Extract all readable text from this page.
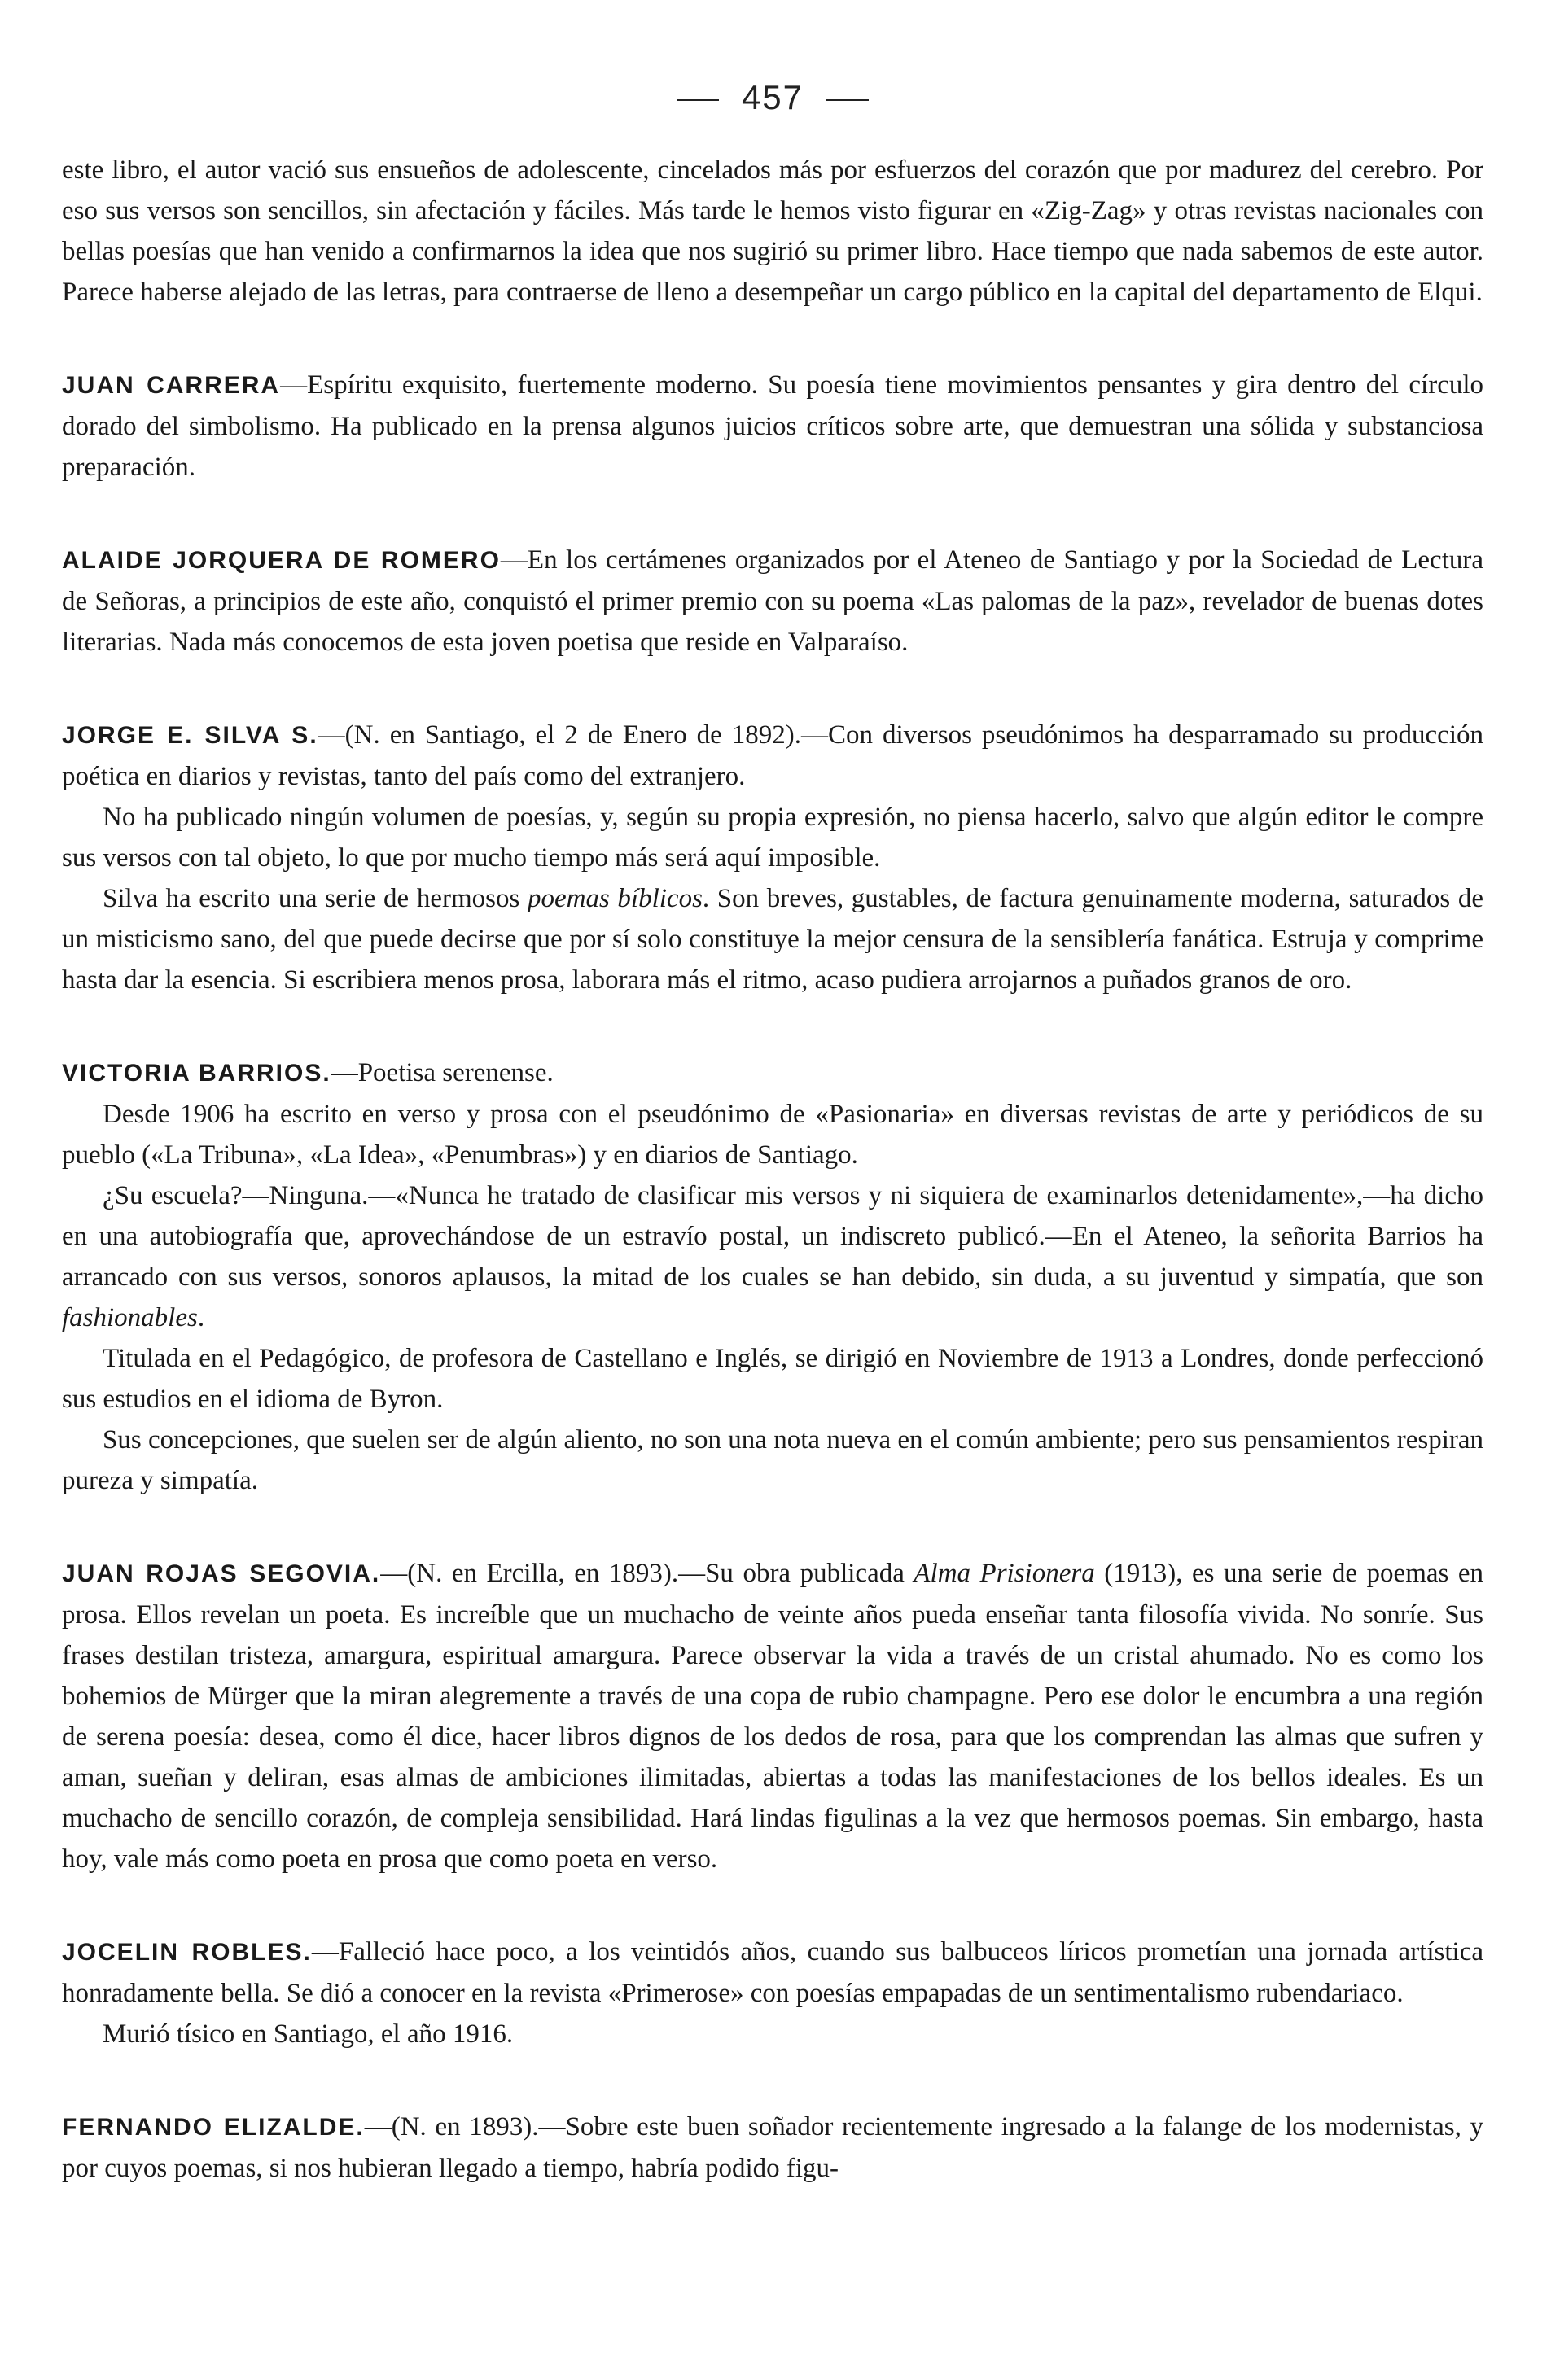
457

este libro, el autor vació sus ensueños de adolescente, cincelados más por esfuerzos del corazón que por madurez del cerebro. Por eso sus versos son sencillos, sin afectación y fáciles. Más tarde le hemos visto figurar en «Zig-Zag» y otras revistas nacionales con bellas poesías que han venido a confirmarnos la idea que nos sugirió su primer libro. Hace tiempo que nada sabemos de este autor. Parece haberse alejado de las letras, para contraerse de lleno a desempeñar un cargo público en la capital del departamento de Elqui.

JUAN CARRERA—Espíritu exquisito, fuertemente moderno. Su poesía tiene movimientos pensantes y gira dentro del círculo dorado del simbolismo. Ha publicado en la prensa algunos juicios críticos sobre arte, que demuestran una sólida y substanciosa preparación.

ALAIDE JORQUERA DE ROMERO—En los certámenes organizados por el Ateneo de Santiago y por la Sociedad de Lectura de Señoras, a principios de este año, conquistó el primer premio con su poema «Las palomas de la paz», revelador de buenas dotes literarias. Nada más conocemos de esta joven poetisa que reside en Valparaíso.

JORGE E. SILVA S.—(N. en Santiago, el 2 de Enero de 1892).—Con diversos pseudónimos ha desparramado su producción poética en diarios y revistas, tanto del país como del extranjero.

No ha publicado ningún volumen de poesías, y, según su propia expresión, no piensa hacerlo, salvo que algún editor le compre sus versos con tal objeto, lo que por mucho tiempo más será aquí imposible.

Silva ha escrito una serie de hermosos poemas bíblicos. Son breves, gustables, de factura genuinamente moderna, saturados de un misticismo sano, del que puede decirse que por sí solo constituye la mejor censura de la sensiblería fanática. Estruja y comprime hasta dar la esencia. Si escribiera menos prosa, laborara más el ritmo, acaso pudiera arrojarnos a puñados granos de oro.

VICTORIA BARRIOS.—Poetisa serenense.

Desde 1906 ha escrito en verso y prosa con el pseudónimo de «Pasionaria» en diversas revistas de arte y periódicos de su pueblo («La Tribuna», «La Idea», «Penumbras») y en diarios de Santiago.

¿Su escuela?—Ninguna.—«Nunca he tratado de clasificar mis versos y ni siquiera de examinarlos detenidamente»,—ha dicho en una autobiografía que, aprovechándose de un estravío postal, un indiscreto publicó.—En el Ateneo, la señorita Barrios ha arrancado con sus versos, sonoros aplausos, la mitad de los cuales se han debido, sin duda, a su juventud y simpatía, que son fashionables.

Titulada en el Pedagógico, de profesora de Castellano e Inglés, se dirigió en Noviembre de 1913 a Londres, donde perfeccionó sus estudios en el idioma de Byron.

Sus concepciones, que suelen ser de algún aliento, no son una nota nueva en el común ambiente; pero sus pensamientos respiran pureza y simpatía.

JUAN ROJAS SEGOVIA.—(N. en Ercilla, en 1893).—Su obra publicada Alma Prisionera (1913), es una serie de poemas en prosa. Ellos revelan un poeta. Es increíble que un muchacho de veinte años pueda enseñar tanta filosofía vivida. No sonríe. Sus frases destilan tristeza, amargura, espiritual amargura. Parece observar la vida a través de un cristal ahumado. No es como los bohemios de Mürger que la miran alegremente a través de una copa de rubio champagne. Pero ese dolor le encumbra a una región de serena poesía: desea, como él dice, hacer libros dignos de los dedos de rosa, para que los comprendan las almas que sufren y aman, sueñan y deliran, esas almas de ambiciones ilimitadas, abiertas a todas las manifestaciones de los bellos ideales. Es un muchacho de sencillo corazón, de compleja sensibilidad. Hará lindas figulinas a la vez que hermosos poemas. Sin embargo, hasta hoy, vale más como poeta en prosa que como poeta en verso.

JOCELIN ROBLES.—Falleció hace poco, a los veintidós años, cuando sus balbuceos líricos prometían una jornada artística honradamente bella. Se dió a conocer en la revista «Primerose» con poesías empapadas de un sentimentalismo rubendariaco.

Murió tísico en Santiago, el año 1916.

FERNANDO ELIZALDE.—(N. en 1893).—Sobre este buen soñador recientemente ingresado a la falange de los modernistas, y por cuyos poemas, si nos hubieran llegado a tiempo, habría podido figu-
